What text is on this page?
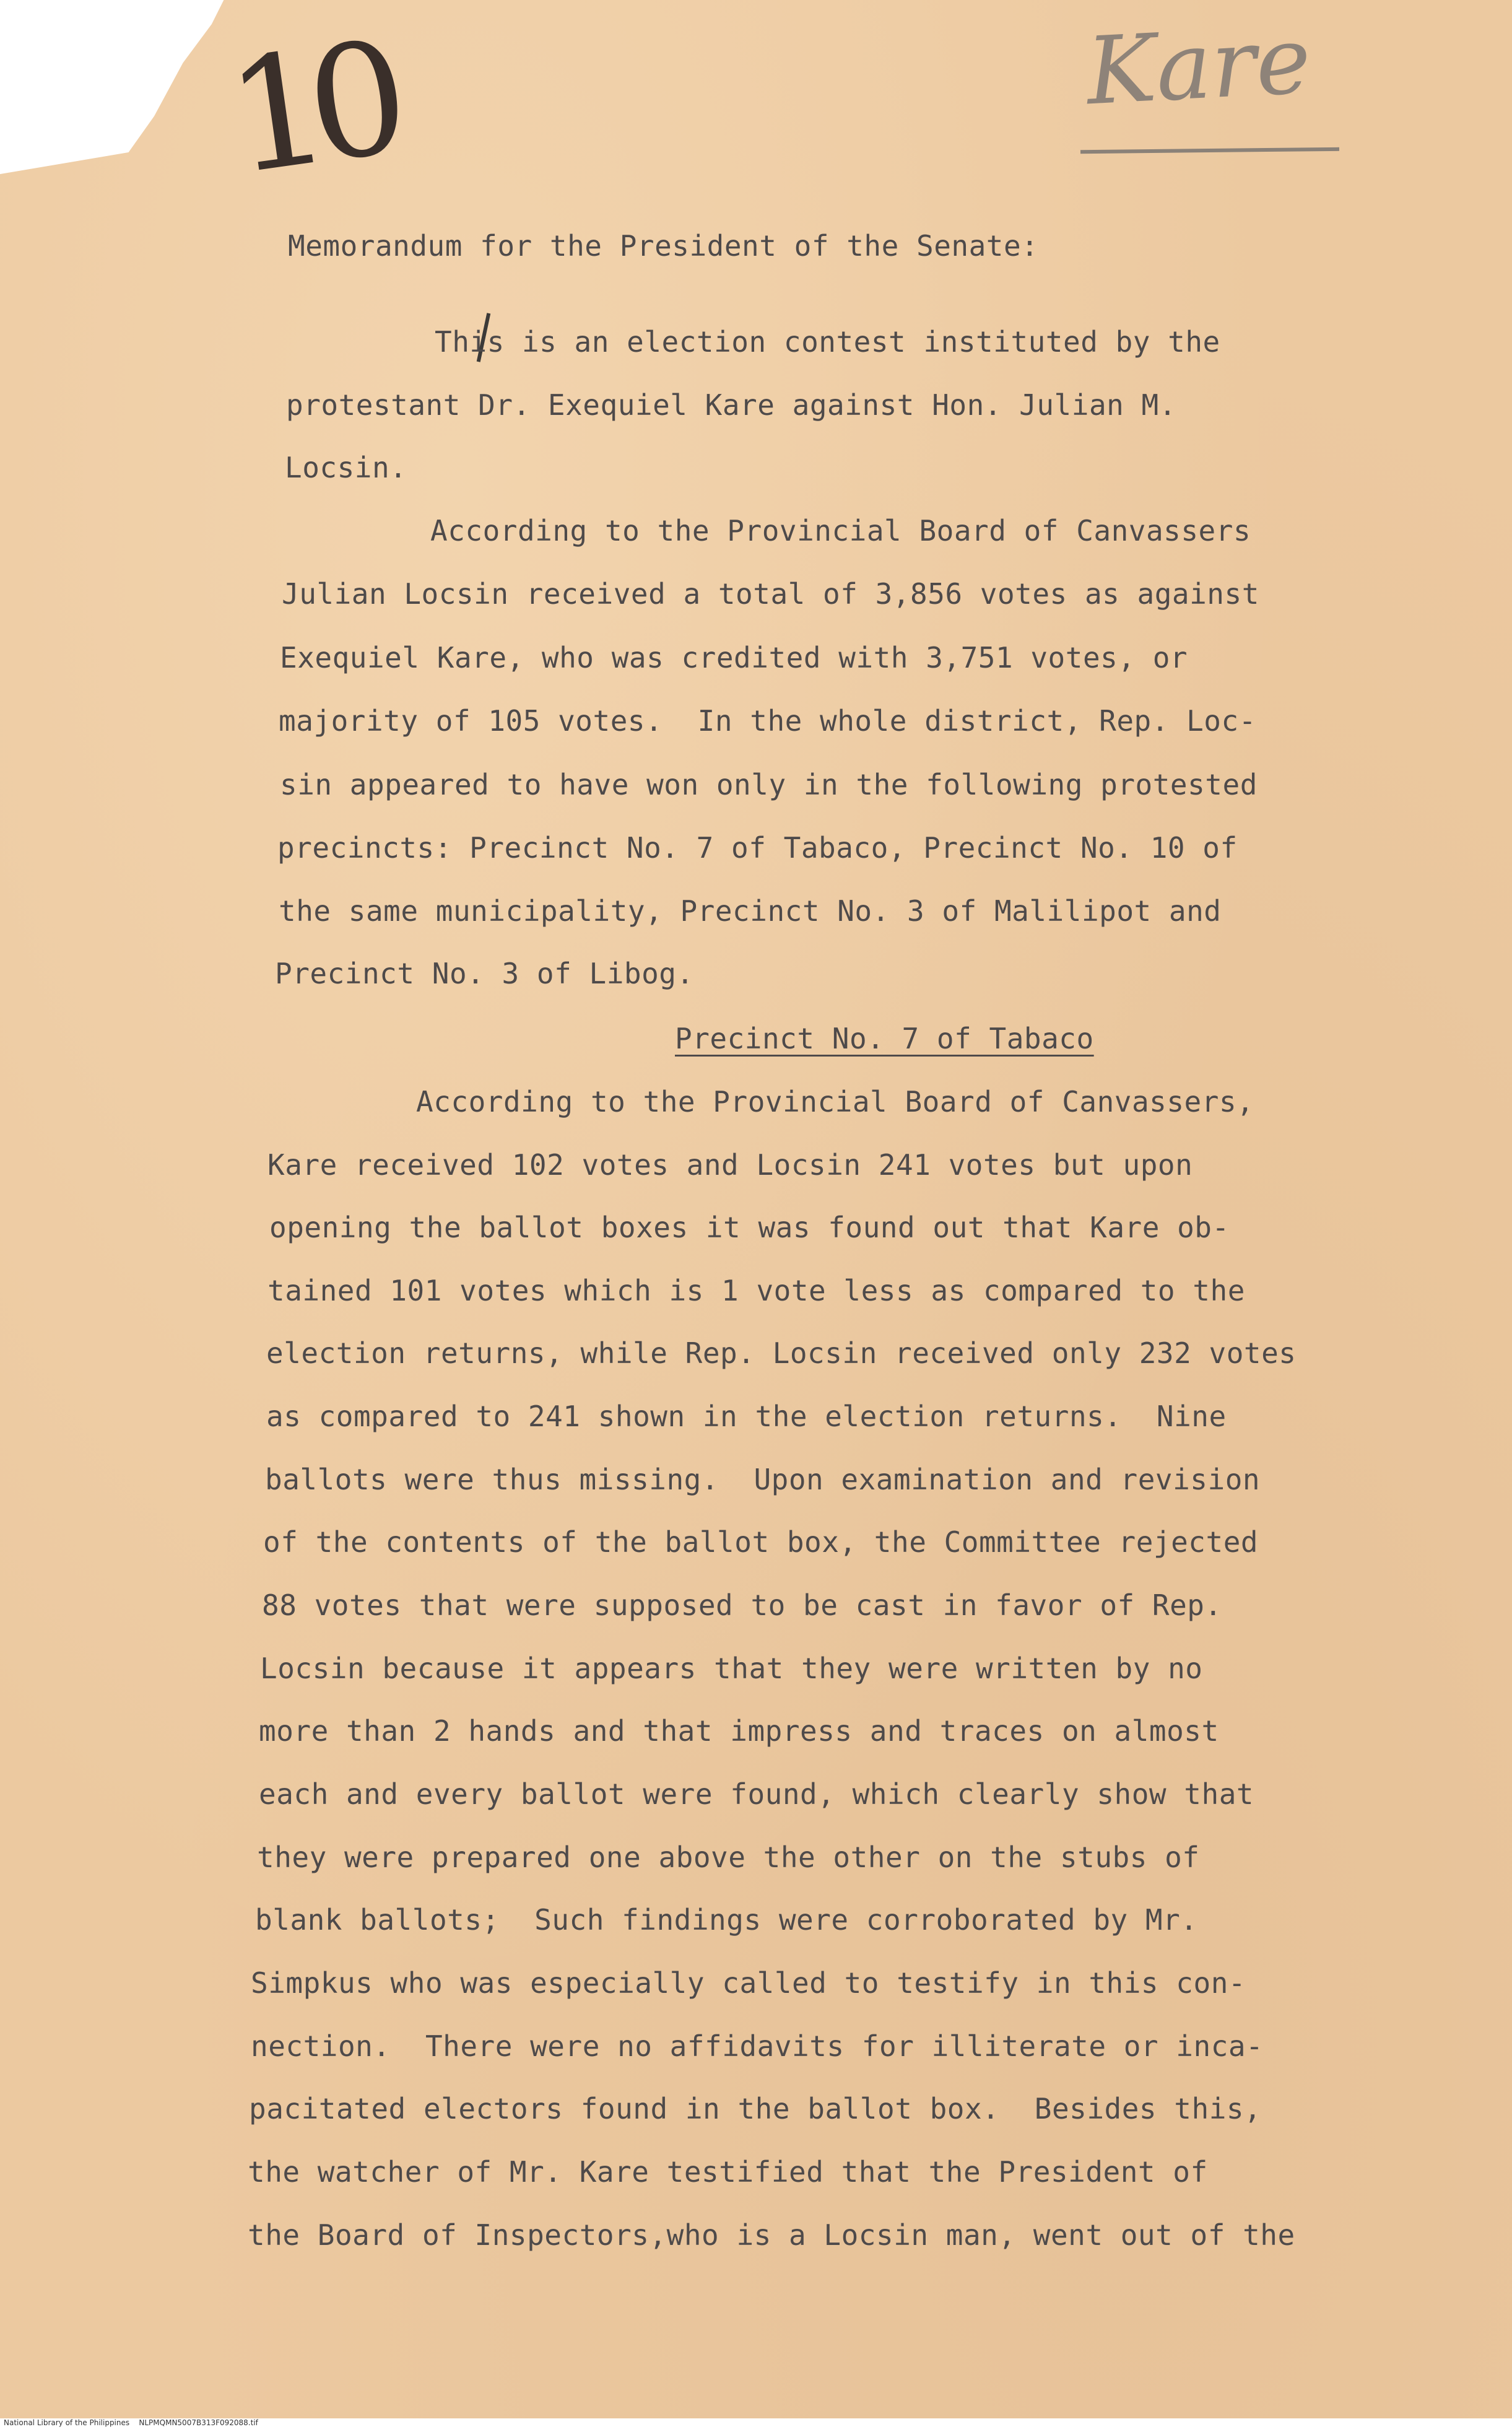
10	Kare
Memorandum for the President of the Senate:
This is an election contest instituted by the
protestant Dr. Exequiel Kare against Hon. Julian M.
Locsin.
According to the Provincial Board of Canvassers
Julian Locsin received a total of 3,856 votes as against
Exequiel Kare, who was credited with 3,751 votes, or
majority of 105 votes.  In the whole district, Rep. Loc-
sin appeared to have won only in the following protested
precincts: Precinct No. 7 of Tabaco, Precinct No. 10 of
the same municipality, Precinct No. 3 of Malilipot and
Precinct No. 3 of Libog.
Precinct No. 7 of Tabaco
According to the Provincial Board of Canvassers,
Kare received 102 votes and Locsin 241 votes but upon
opening the ballot boxes it was found out that Kare ob-
tained 101 votes which is 1 vote less as compared to the
election returns, while Rep. Locsin received only 232 votes
as compared to 241 shown in the election returns.  Nine
ballots were thus missing.  Upon examination and revision
of the contents of the ballot box, the Committee rejected
88 votes that were supposed to be cast in favor of Rep.
Locsin because it appears that they were written by no
more than 2 hands and that impress and traces on almost
each and every ballot were found, which clearly show that
they were prepared one above the other on the stubs of
blank ballots;  Such findings were corroborated by Mr.
Simpkus who was especially called to testify in this con-
nection.  There were no affidavits for illiterate or inca-
pacitated electors found in the ballot box.  Besides this,
the watcher of Mr. Kare testified that the President of
the Board of Inspectors,who is a Locsin man, went out of the
National Library of the Philippines    NLPMQMN5007B313F092088.tif
